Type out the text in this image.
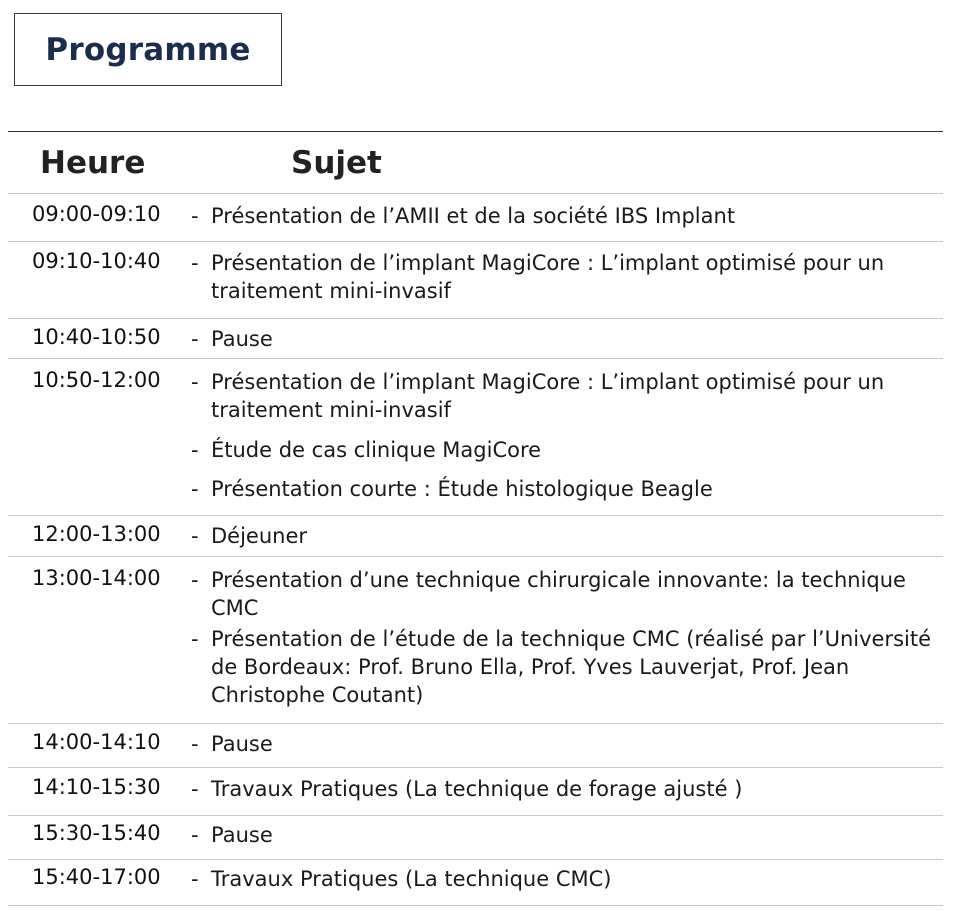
Programme
Heure	Sujet
09:00-09:10	- Présentation de l’AMII et de la société IBS Implant
09:10-10:40	- Présentation de l’implant MagiCore : L’implant optimisé pour un traitement mini-invasif
10:40-10:50	- Pause
10:50-12:00	- Présentation de l’implant MagiCore : L’implant optimisé pour un traitement mini-invasif
- Étude de cas clinique MagiCore
- Présentation courte : Étude histologique Beagle
12:00-13:00	- Déjeuner
13:00-14:00	- Présentation d’une technique chirurgicale innovante: la technique CMC
- Présentation de l’étude de la technique CMC (réalisé par l’Université de Bordeaux: Prof. Bruno Ella, Prof. Yves Lauverjat, Prof. Jean Christophe Coutant)
14:00-14:10	- Pause
14:10-15:30	- Travaux Pratiques (La technique de forage ajusté )
15:30-15:40	- Pause
15:40-17:00	- Travaux Pratiques (La technique CMC)
